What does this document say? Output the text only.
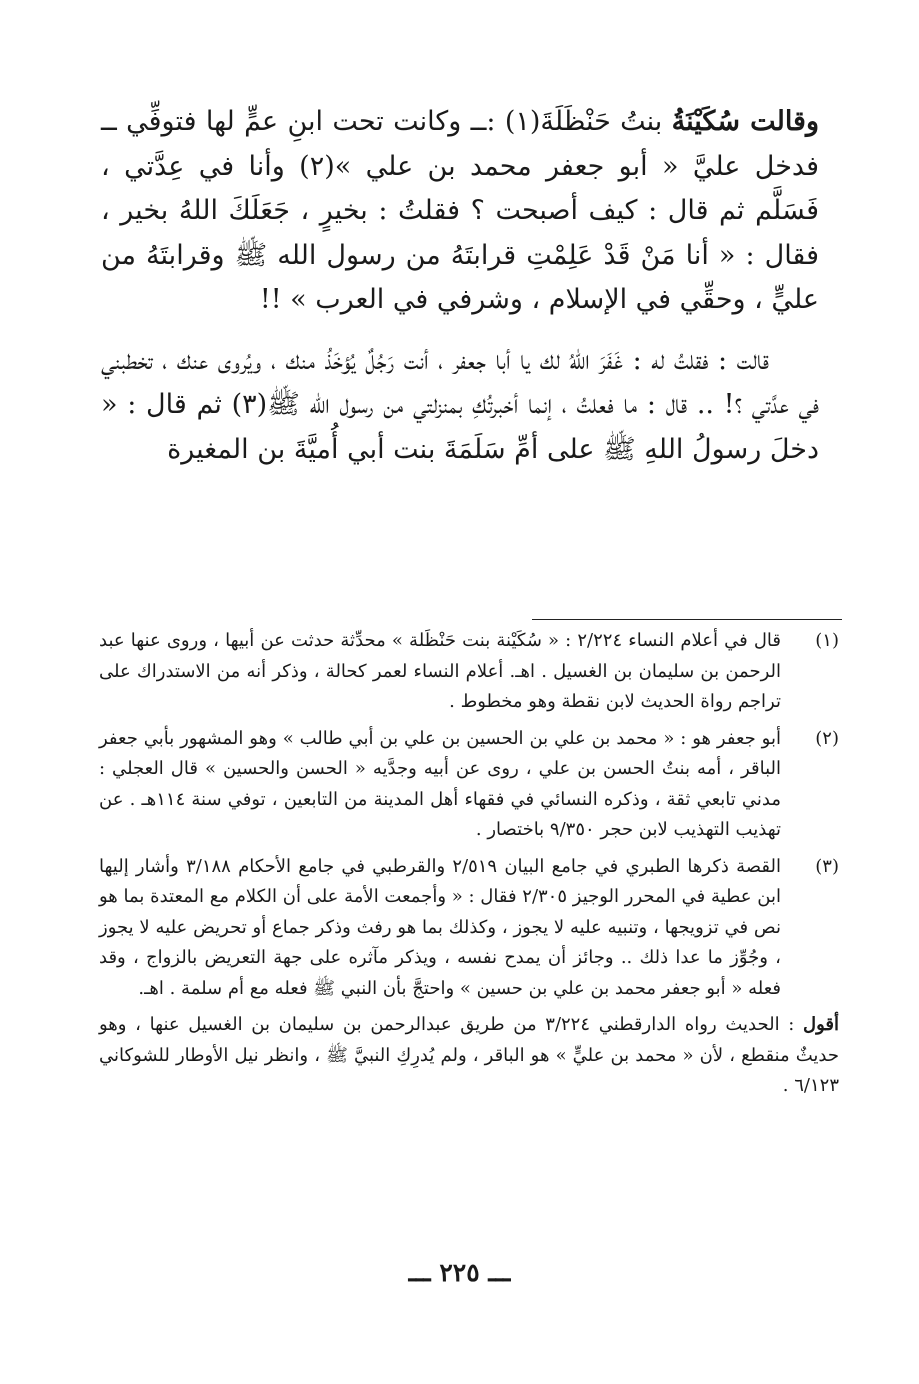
وقالت سُكَيْنَةُ بنتُ حَنْظَلَةَ(١) :ــ وكانت تحت ابنِ عمٍّ لها فتوفِّي ــ فدخل عليَّ « أبو جعفر محمد بن علي »(٢) وأنا في عِدَّتي ، فَسَلَّم ثم قال : كيف أصبحت ؟ فقلتُ : بخيرٍ ، جَعَلَكَ اللهُ بخير ، فقال : « أنا مَنْ قَدْ عَلِمْتِ قرابتَهُ من رسول الله ﷺ وقرابتَهُ من عليٍّ ، وحقِّي في الإسلام ، وشرفي في العرب » !!

قالت : فقلتُ له : غَفَرَ اللهُ لك يا أبا جعفر ، أنت رَجُلٌ يُؤخَذُ منك ، ويُروى عنك ، تخطبني في عدَّتي ؟! .. قال : ما فعلتُ ، إنما أخبرتُكِ بمنزلتي من رسول الله ﷺ(٣) ثم قال : « دخلَ رسولُ اللهِ ﷺ على أمِّ سَلَمَةَ بنت أبي أُميَّةَ بن المغيرة

(١)
قال في أعلام النساء ٢/٢٢٤ : « سُكَيْنة بنت حَنْظَلة » محدِّثة حدثت عن أبيها ، وروى عنها عبد الرحمن بن سليمان بن الغسيل . اهـ. أعلام النساء لعمر كحالة ، وذكر أنه من الاستدراك على تراجم رواة الحديث لابن نقطة وهو مخطوط .
(٢)
أبو جعفر هو : « محمد بن علي بن الحسين بن علي بن أبي طالب » وهو المشهور بأبي جعفر الباقر ، أمه بنتُ الحسن بن علي ، روى عن أبيه وجدَّيه « الحسن والحسين » قال العجلي : مدني تابعي ثقة ، وذكره النسائي في فقهاء أهل المدينة من التابعين ، توفي سنة ١١٤هـ . عن تهذيب التهذيب لابن حجر ٩/٣٥٠ باختصار .
(٣)
القصة ذكرها الطبري في جامع البيان ٢/٥١٩ والقرطبي في جامع الأحكام ٣/١٨٨ وأشار إليها ابن عطية في المحرر الوجيز ٢/٣٠٥ فقال : « وأجمعت الأمة على أن الكلام مع المعتدة بما هو نص في تزويجها ، وتنبيه عليه لا يجوز ، وكذلك بما هو رفث وذكر جماع أو تحريض عليه لا يجوز ، وجُوِّز ما عدا ذلك .. وجائز أن يمدح نفسه ، ويذكر مآثره على جهة التعريض بالزواج ، وقد فعله « أبو جعفر محمد بن علي بن حسين » واحتجَّ بأن النبي ﷺ فعله مع أم سلمة . اهـ.
أقول : الحديث رواه الدارقطني ٣/٢٢٤ من طريق عبدالرحمن بن سليمان بن الغسيل عنها ، وهو حديثٌ منقطع ، لأن « محمد بن عليٍّ » هو الباقر ، ولم يُدرِكِ النبيَّ ﷺ ، وانظر نيل الأوطار للشوكاني ٦/١٢٣ .
ـــ ٢٢٥ ـــ
